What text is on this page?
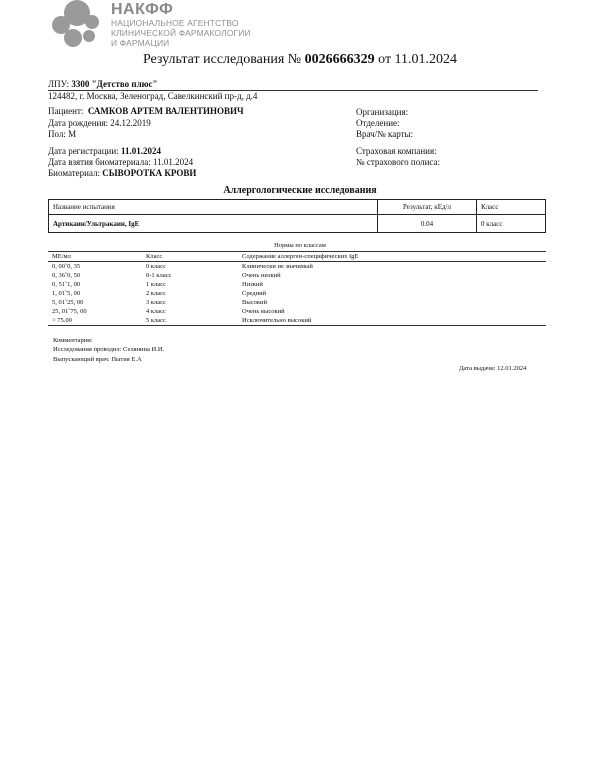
НАКФФ
НАЦИОНАЛЬНОЕ АГЕНТСТВО
КЛИНИЧЕСКОЙ ФАРМАКОЛОГИИ
И ФАРМАЦИИ
Результат исследования № 0026666329 от 11.01.2024
ЛПУ: 3300 "Детство плюс"
124482, г. Москва, Зеленоград, Савелкинский пр-д, д.4
Пациент: САМКОВ АРТЕМ ВАЛЕНТИНОВИЧ
Дата рождения: 24.12.2019
Пол: М
Дата регистрации: 11.01.2024
Дата взятия биоматериала: 11.01.2024
Биоматериал: СЫВОРОТКА КРОВИ
Организация:
Отделение:
Врач/№ карты:
Страховая компания:
№ страхового полиса:
Аллергологические исследования
Название испытания	Результат, кЕд/л	Класс
Артикаин/Ультракаин, IgE	0.04	0 класс
Нормы по классам
МЕ/мл	Класс	Содержание аллерген-специфических IgE
0, 00˜0, 35	0 класс	Клинически не значимый
0, 36˜0, 50	0-1 класс	Очень низкий
0, 51˜1, 00	1 класс	Низкий
1, 01˜5, 00	2 класс	Средний
5, 01˜25, 00	3 класс	Высокий
25, 01˜75, 00	4 класс	Очень высокий
> 75.00	5 класс	Исключительно высокий
Комментарии:
Исследования проводил: Селянина И.И.
Выпускающий врач: Пытия Е.А
Дата выдачи: 12.01.2024
